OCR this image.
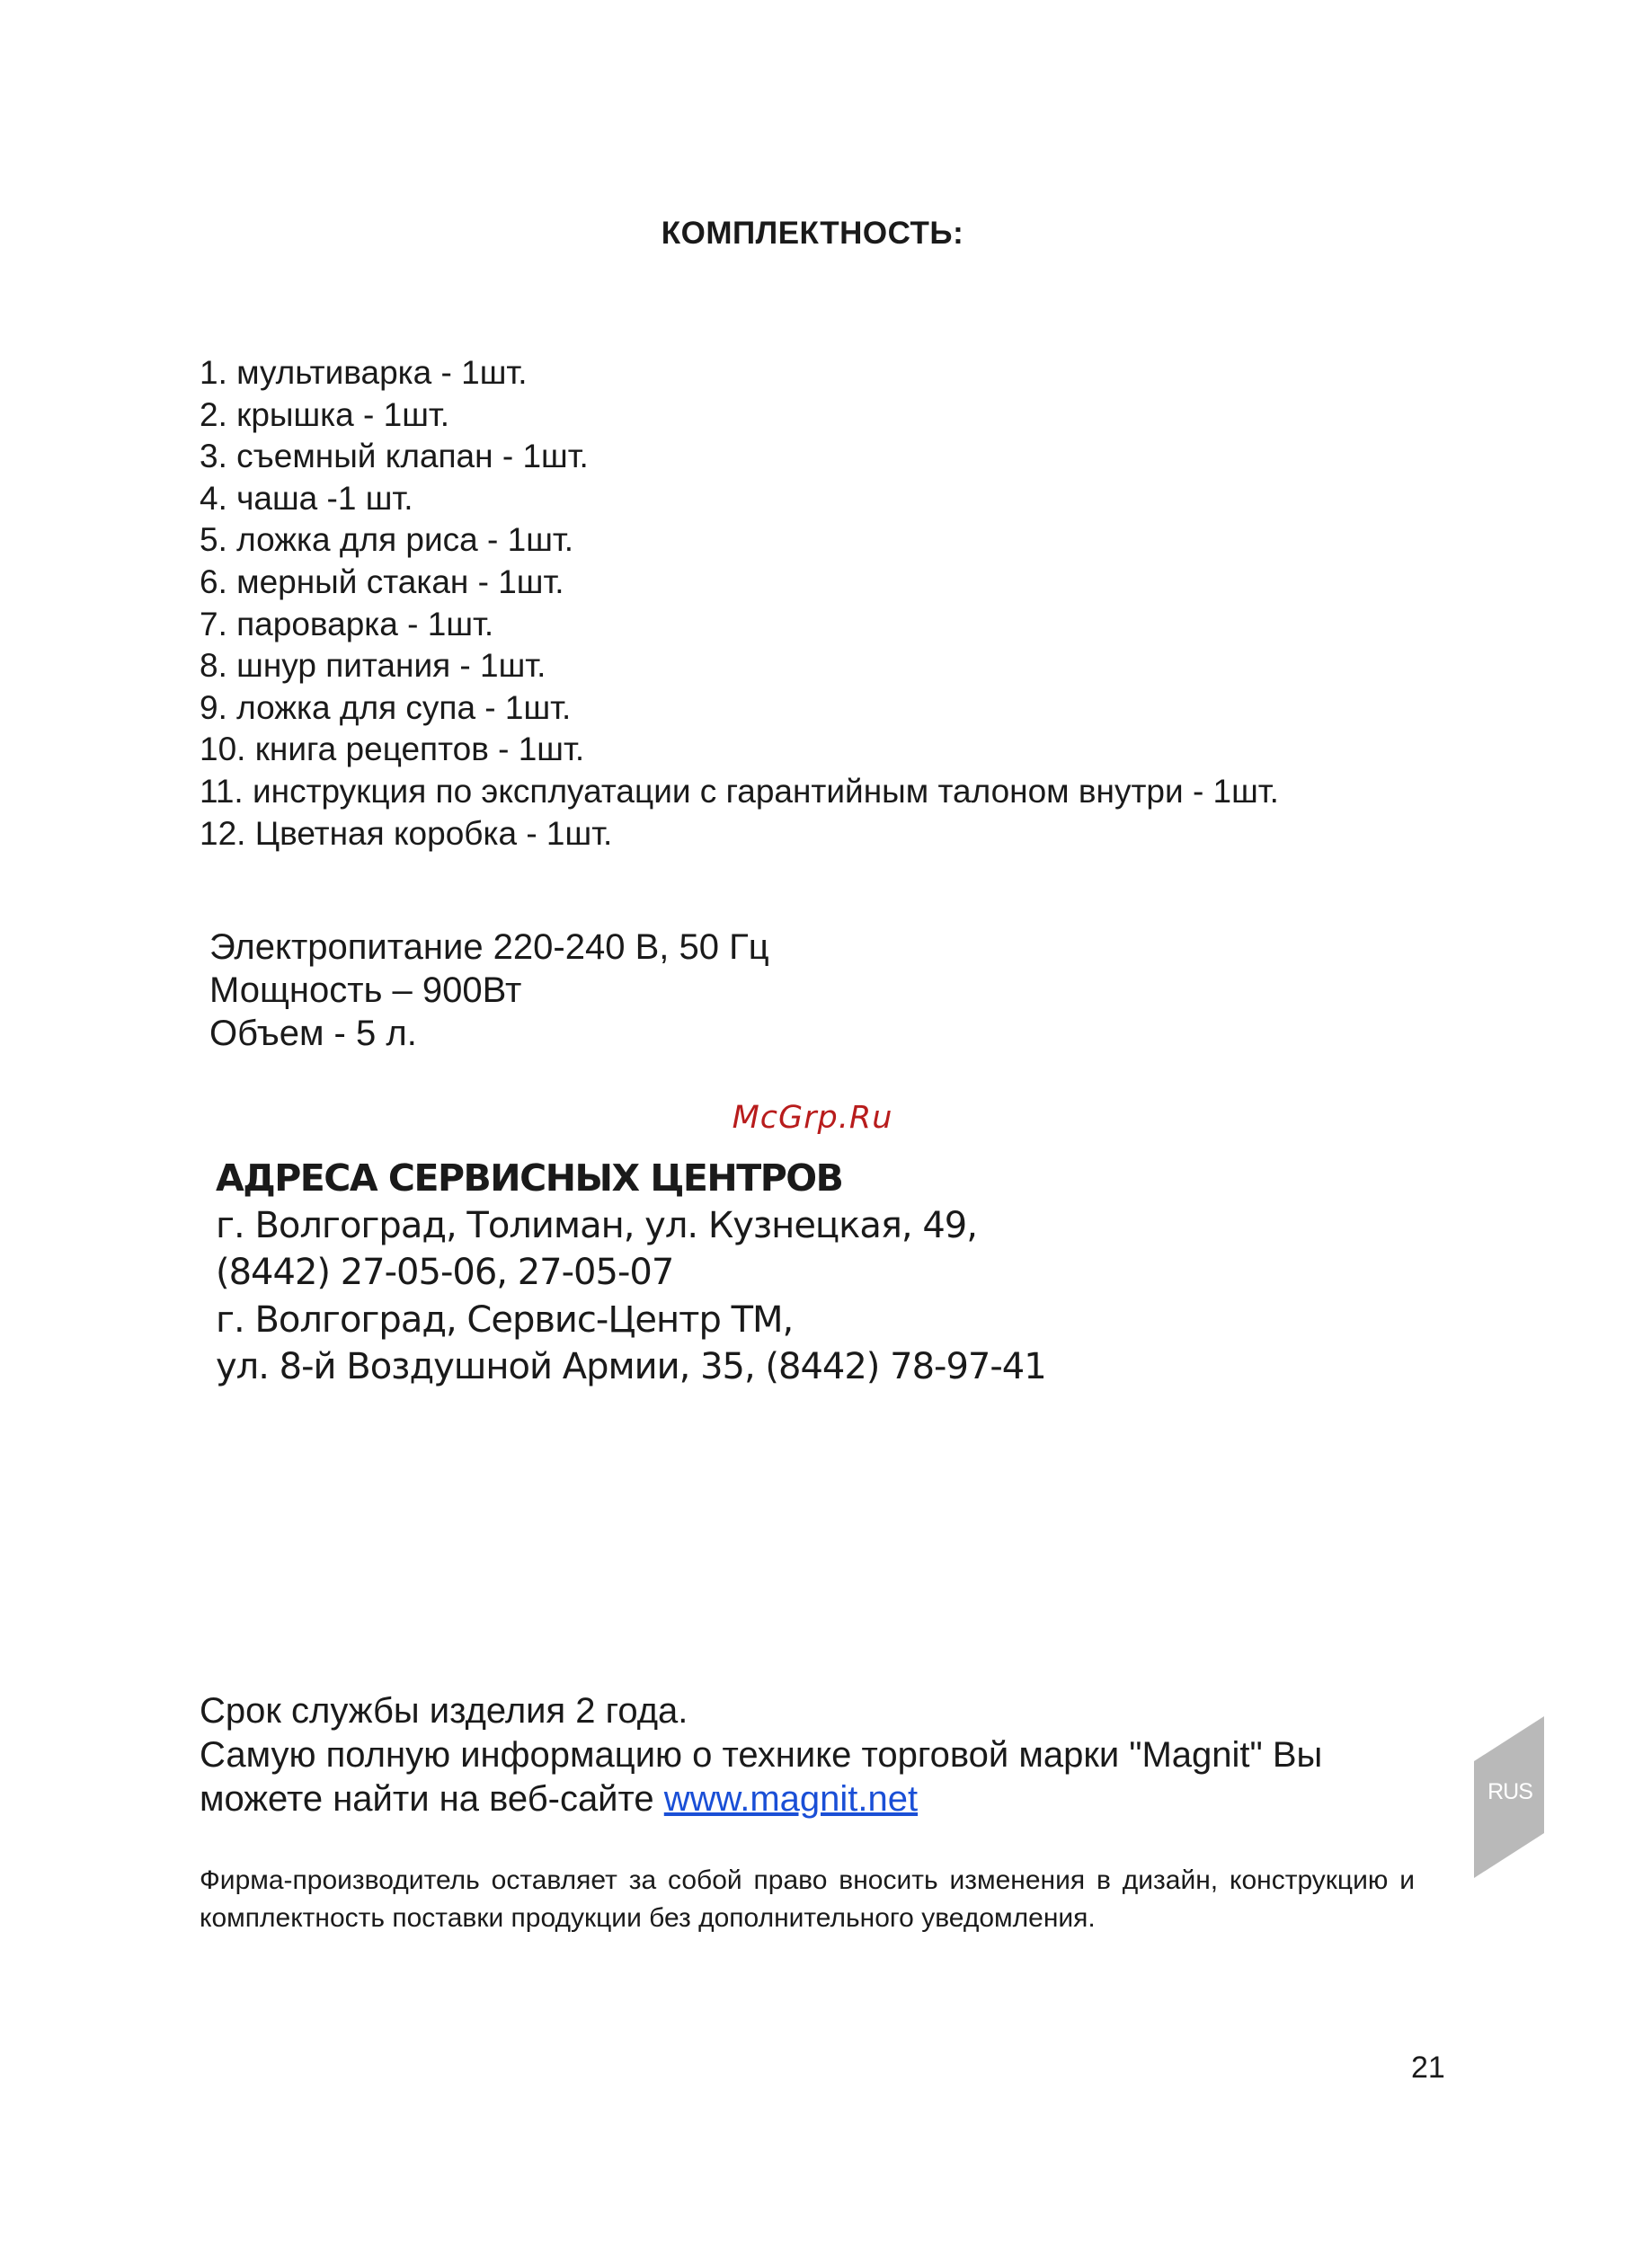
КОМПЛЕКТНОСТЬ:
1. мультиварка - 1шт.
2. крышка - 1шт.
3. съемный клапан - 1шт.
4. чаша -1 шт.
5. ложка для риса - 1шт.
6. мерный стакан - 1шт.
7. пароварка - 1шт.
8. шнур питания - 1шт.
9. ложка для супа - 1шт.
10. книга рецептов - 1шт.
11. инструкция по эксплуатации с гарантийным талоном внутри - 1шт.
12. Цветная коробка - 1шт.
Электропитание 220-240 В, 50 Гц
Мощность – 900Вт
Объем - 5 л.
McGrp.Ru
АДРЕСА СЕРВИСНЫХ ЦЕНТРОВ
г. Волгоград, Толиман, ул. Кузнецкая, 49,
(8442) 27-05-06, 27-05-07
г. Волгоград, Сервис-Центр ТМ,
ул. 8-й Воздушной Армии, 35, (8442) 78-97-41
Срок службы изделия 2 года.
Самую полную информацию о технике торговой марки "Magnit" Вы
можете найти на веб-сайте www.magnit.net
Фирма-производитель оставляет за собой право вносить изменения в дизайн, конструкцию и комплектность поставки продукции без дополнительного уведомления.
RUS
21
